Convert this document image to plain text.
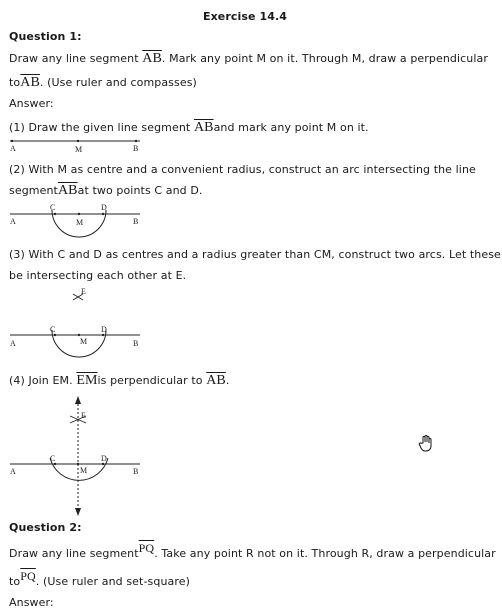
Exercise 14.4
Question 1:
Draw any line segment $\overline{AB}$. Mark any point M on it. Through M, draw a perpendicular
$to\overline{AB}$. (Use ruler and compasses)
Answer:
(1) Draw the given line segment $\overline{AB}and$ mark any point M on it.
A	M	B
(2) With M as centre and a convenient radius, construct an arc intersecting the line
$segment\overline{AB}at$ two points C and D.
A
C	D
M	B
(3) With C and D as centres and a radius greater than CM, construct two arcs. Let these
be intersecting each other at E.
E
A
C	D
M	B
(4) Join EM. $\overline{EM}is$ perpendicular to $\overline{AB}$.
E
A
C	D
M	B
Question 2:
Draw any line $segment\overline{PQ}$. Take any point R not on it. Through R, draw a perpendicular
$to\overline{PQ}$. (Use ruler and set-square)
Answer:
